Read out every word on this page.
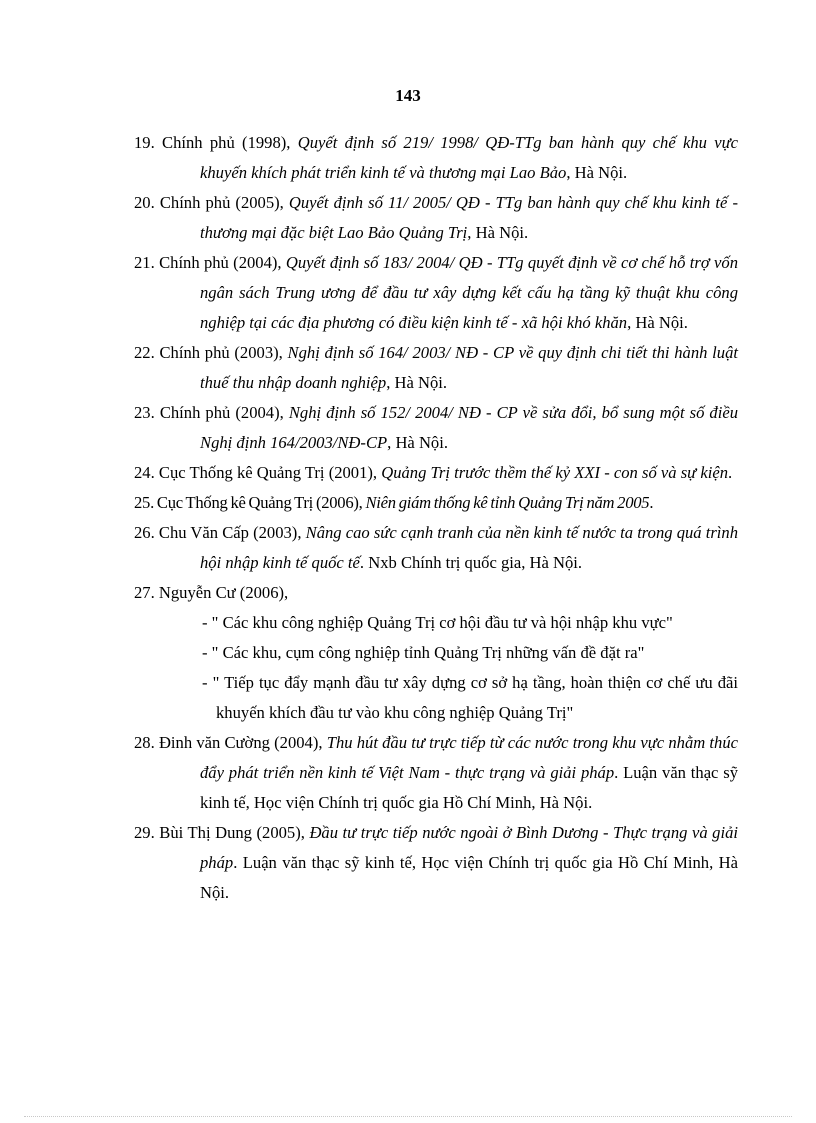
143

19. Chính phủ (1998), Quyết định số 219/ 1998/ QĐ-TTg ban hành quy chế khu vực khuyến khích phát triển kinh tế và thương mại Lao Bảo, Hà Nội.

20. Chính phủ (2005), Quyết định số 11/ 2005/ QĐ - TTg ban hành quy chế khu kinh tế - thương mại đặc biệt Lao Bảo Quảng Trị, Hà Nội.

21. Chính phủ (2004), Quyết định số 183/ 2004/ QĐ - TTg quyết định về cơ chế hỗ trợ vốn ngân sách Trung ương để đầu tư xây dựng kết cấu hạ tầng kỹ thuật khu công nghiệp tại các địa phương có điều kiện kinh tế - xã hội khó khăn, Hà Nội.

22. Chính phủ (2003), Nghị định số 164/ 2003/ NĐ - CP về quy định chi tiết thi hành luật thuế thu nhập doanh nghiệp, Hà Nội.

23. Chính phủ (2004), Nghị định số 152/ 2004/ NĐ - CP về sửa đổi, bổ sung một số điều Nghị định 164/2003/NĐ-CP, Hà Nội.

24. Cục Thống kê Quảng Trị (2001), Quảng Trị trước thềm thế kỷ XXI - con số và sự kiện.

25. Cục Thống kê Quảng Trị (2006), Niên giám thống kê tỉnh Quảng Trị năm 2005.

26. Chu Văn Cấp (2003), Nâng cao sức cạnh tranh của nền kinh tế nước ta trong quá trình hội nhập kinh tế quốc tế. Nxb Chính trị quốc gia, Hà Nội.

27. Nguyễn Cư (2006),

- " Các khu công nghiệp Quảng Trị cơ hội đầu tư và hội nhập khu vực"

- " Các khu, cụm công nghiệp tỉnh Quảng Trị những vấn đề đặt ra"

- " Tiếp tục đẩy mạnh đầu tư xây dựng cơ sở hạ tầng, hoàn thiện cơ chế ưu đãi khuyến khích đầu tư vào khu công nghiệp Quảng Trị"

28. Đinh văn Cường (2004), Thu hút đầu tư trực tiếp từ các nước trong khu vực nhằm thúc đẩy phát triển nền kinh tế Việt Nam - thực trạng và giải pháp. Luận văn thạc sỹ kinh tế, Học viện Chính trị quốc gia Hồ Chí Minh, Hà Nội.

29. Bùi Thị Dung (2005), Đầu tư trực tiếp nước ngoài ở Bình Dương - Thực trạng và giải pháp. Luận văn thạc sỹ kinh tế, Học viện Chính trị quốc gia Hồ Chí Minh, Hà Nội.
